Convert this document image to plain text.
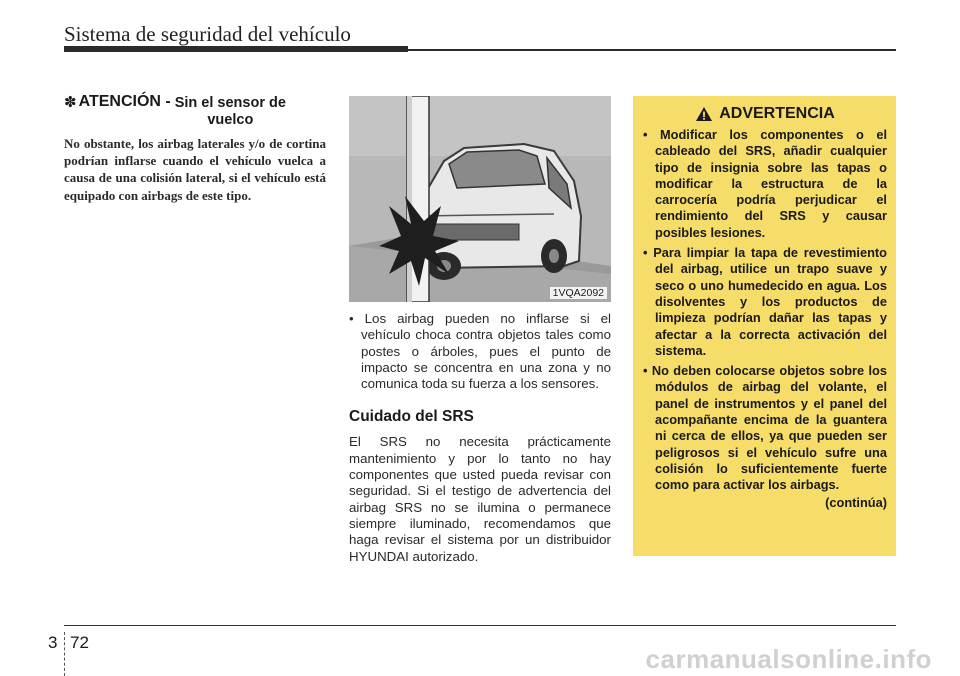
Sistema de seguridad del vehículo
✽ ATENCIÓN - Sin el sensor de
vuelco
No obstante, los airbag laterales y/o de cortina podrían inflarse cuando el vehículo vuelca a causa de una colisión lateral, si el vehículo está equipado con airbags de este tipo.
1VQA2092
• Los airbag pueden no inflarse si el vehículo choca contra objetos tales como postes o árboles, pues el punto de impacto se concentra en una zona y no comunica toda su fuerza a los sensores.
Cuidado del SRS
El SRS no necesita prácticamente mantenimiento y por lo tanto no hay componentes que usted pueda revisar con seguridad. Si el testigo de advertencia del airbag SRS no se ilumina o permanece siempre iluminado, recomendamos que haga revisar el sistema por un distribuidor HYUNDAI autorizado.
ADVERTENCIA
• Modificar los componentes o el cableado del SRS, añadir cualquier tipo de insignia sobre las tapas o modificar la estructura de la carrocería podría perjudicar el rendimiento del SRS y causar posibles lesiones.
• Para limpiar la tapa de revestimiento del airbag, utilice un trapo suave y seco o uno humedecido en agua. Los disolventes y los productos de limpieza podrían dañar las tapas y afectar a la correcta activación del sistema.
• No deben colocarse objetos sobre los módulos de airbag del volante, el panel de instrumentos y el panel del acompañante encima de la guantera ni cerca de ellos, ya que pueden ser peligrosos si el vehículo sufre una colisión lo suficientemente fuerte como para activar los airbags.
(continúa)
3 72
carmanualsonline.info
